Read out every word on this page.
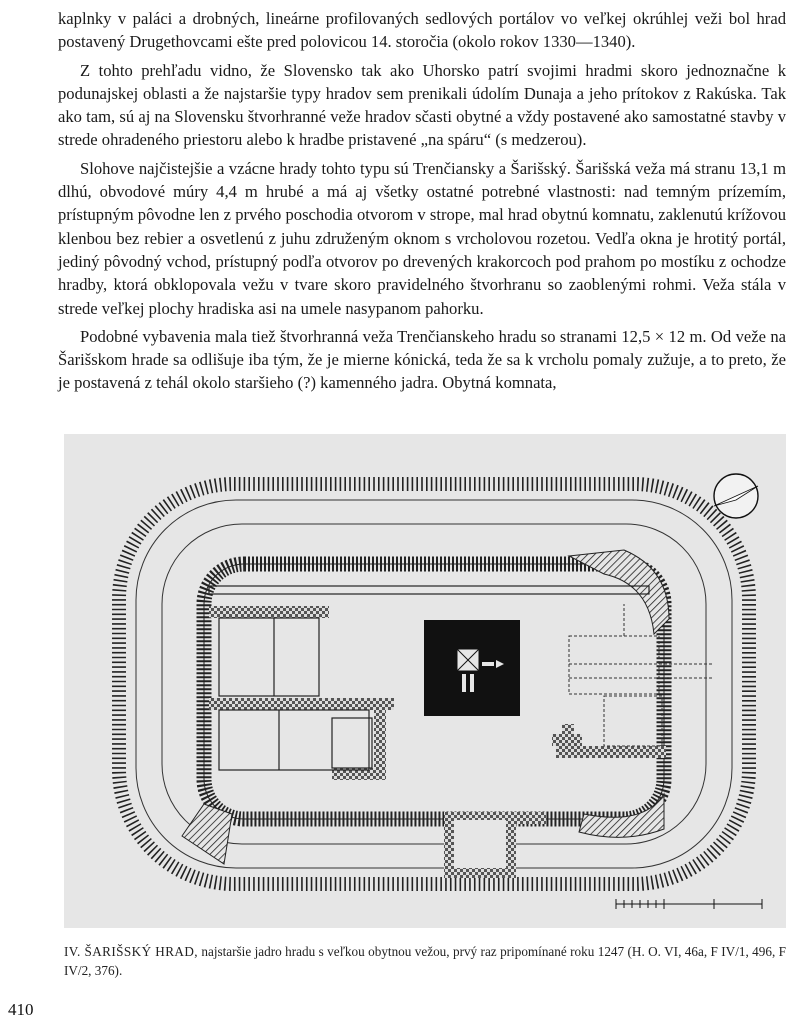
kaplnky v paláci a drobných, lineárne profilovaných sedlových portálov vo veľkej okrúhlej veži bol hrad postavený Drugethovcami ešte pred polovicou 14. storočia (okolo rokov 1330—1340).

Z tohto prehľadu vidno, že Slovensko tak ako Uhorsko patrí svojimi hradmi skoro jednoznačne k podunajskej oblasti a že najstaršie typy hradov sem prenikali údolím Dunaja a jeho prítokov z Rakúska. Tak ako tam, sú aj na Slovensku štvorhranné veže hradov sčasti obytné a vždy postavené ako samostatné stavby v strede ohradeného priestoru alebo k hradbe pristavené „na spáru“ (s medzerou).

Slohove najčistejšie a vzácne hrady tohto typu sú Trenčiansky a Šarišský. Šarišská veža má stranu 13,1 m dlhú, obvodové múry 4,4 m hrubé a má aj všetky ostatné potrebné vlastnosti: nad temným prízemím, prístupným pôvodne len z prvého poschodia otvorom v strope, mal hrad obytnú komnatu, zaklenutú krížovou klenbou bez rebier a osvetlenú z juhu združeným oknom s vrcholovou rozetou. Vedľa okna je hrotitý portál, jediný pôvodný vchod, prístupný podľa otvorov po drevených krakorcoch pod prahom po mostíku z ochodze hradby, ktorá obklopovala vežu v tvare skoro pravidelného štvorhranu so zaoblenými rohmi. Veža stála v strede veľkej plochy hradiska asi na umele nasypanom pahorku.

Podobné vybavenia mala tiež štvorhranná veža Trenčianskeho hradu so stranami 12,5 × 12 m. Od veže na Šarišskom hrade sa odlišuje iba tým, že je mierne kónická, teda že sa k vrcholu pomaly zužuje, a to preto, že je postavená z tehál okolo staršieho (?) kamenného jadra. Obytná komnata,

IV. ŠARIŠSKÝ HRAD, najstaršie jadro hradu s veľkou obytnou vežou, prvý raz pripomínané roku 1247 (H. O. VI, 46a, F IV/1, 496, F IV/2, 376).
410
